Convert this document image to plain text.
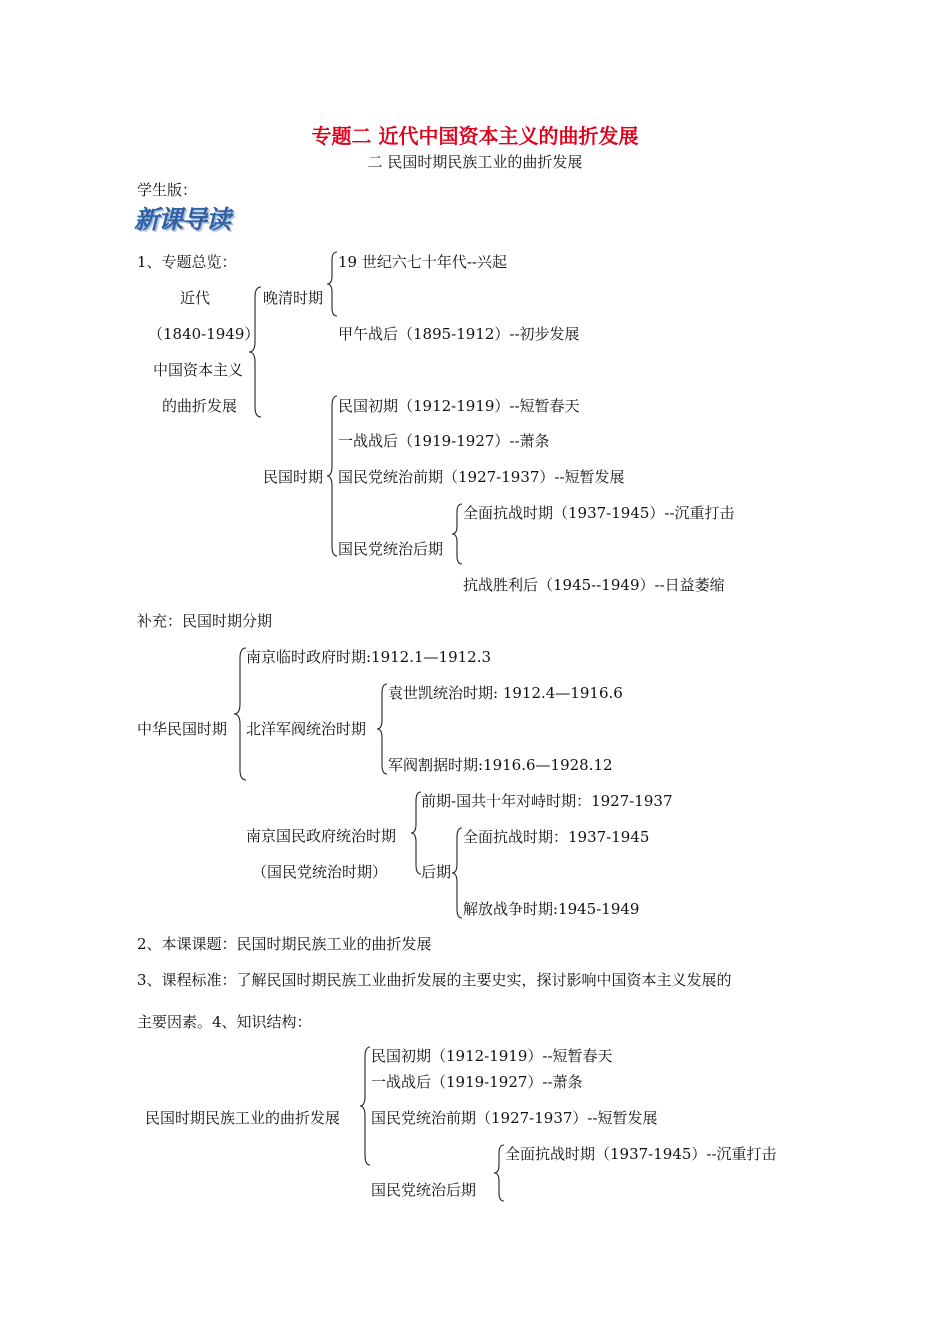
专题二 近代中国资本主义的曲折发展
二 民国时期民族工业的曲折发展
学生版：
新课导读
1、专题总览：
近代
（1840-1949）
中国资本主义
的曲折发展
晚清时期
19 世纪六七十年代--兴起
甲午战后（1895-1912）--初步发展
民国时期
民国初期（1912-1919）--短暂春天
一战战后（1919-1927）--萧条
国民党统治前期（1927-1937）--短暂发展
国民党统治后期
全面抗战时期（1937-1945）--沉重打击
抗战胜利后（1945--1949）--日益萎缩
补充：民国时期分期
中华民国时期
南京临时政府时期:1912.1—1912.3
北洋军阀统治时期
袁世凯统治时期: 1912.4—1916.6
军阀割据时期:1916.6—1928.12
南京国民政府统治时期
（国民党统治时期）
前期-国共十年对峙时期：1927-1937
后期
全面抗战时期：1937-1945
解放战争时期:1945-1949
2、本课课题：民国时期民族工业的曲折发展
3、课程标准：了解民国时期民族工业曲折发展的主要史实，探讨影响中国资本主义发展的
主要因素。4、知识结构：
民国时期民族工业的曲折发展
民国初期（1912-1919）--短暂春天
一战战后（1919-1927）--萧条
国民党统治前期（1927-1937）--短暂发展
国民党统治后期
全面抗战时期（1937-1945）--沉重打击
